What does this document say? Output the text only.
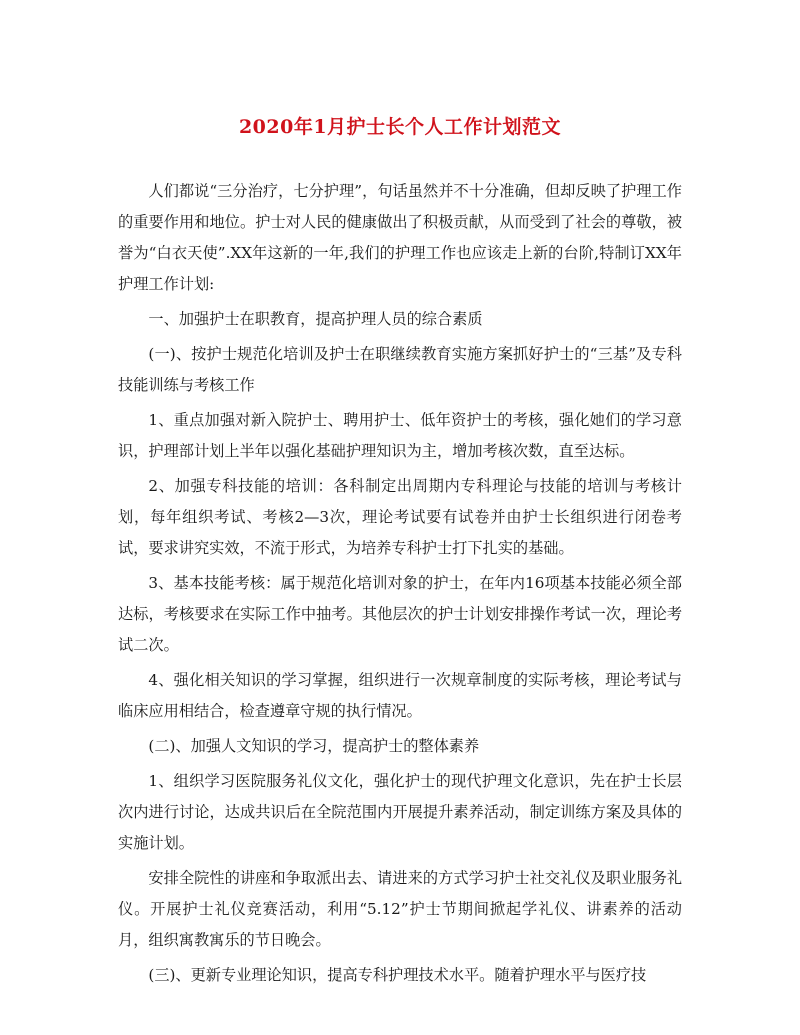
2020年1月护士长个人工作计划范文

人们都说“三分治疗，七分护理”，句话虽然并不十分准确，但却反映了护理工作的重要作用和地位。护士对人民的健康做出了积极贡献，从而受到了社会的尊敬，被誉为“白衣天使”.XX年这新的一年,我们的护理工作也应该走上新的台阶,特制订XX年护理工作计划:

一、加强护士在职教育，提高护理人员的综合素质

(一)、按护士规范化培训及护士在职继续教育实施方案抓好护士的“三基”及专科技能训练与考核工作

1、重点加强对新入院护士、聘用护士、低年资护士的考核，强化她们的学习意识，护理部计划上半年以强化基础护理知识为主，增加考核次数，直至达标。

2、加强专科技能的培训：各科制定出周期内专科理论与技能的培训与考核计划，每年组织考试、考核2—3次，理论考试要有试卷并由护士长组织进行闭卷考试，要求讲究实效，不流于形式，为培养专科护士打下扎实的基础。

3、基本技能考核：属于规范化培训对象的护士，在年内16项基本技能必须全部达标，考核要求在实际工作中抽考。其他层次的护士计划安排操作考试一次，理论考试二次。

4、强化相关知识的学习掌握，组织进行一次规章制度的实际考核，理论考试与临床应用相结合，检查遵章守规的执行情况。

(二)、加强人文知识的学习，提高护士的整体素养

1、组织学习医院服务礼仪文化，强化护士的现代护理文化意识，先在护士长层次内进行讨论，达成共识后在全院范围内开展提升素养活动，制定训练方案及具体的实施计划。

安排全院性的讲座和争取派出去、请进来的方式学习护士社交礼仪及职业服务礼仪。开展护士礼仪竞赛活动，利用“5.12”护士节期间掀起学礼仪、讲素养的活动月，组织寓教寓乐的节日晚会。

(三)、更新专业理论知识，提高专科护理技术水平。随着护理水平与医疗技
